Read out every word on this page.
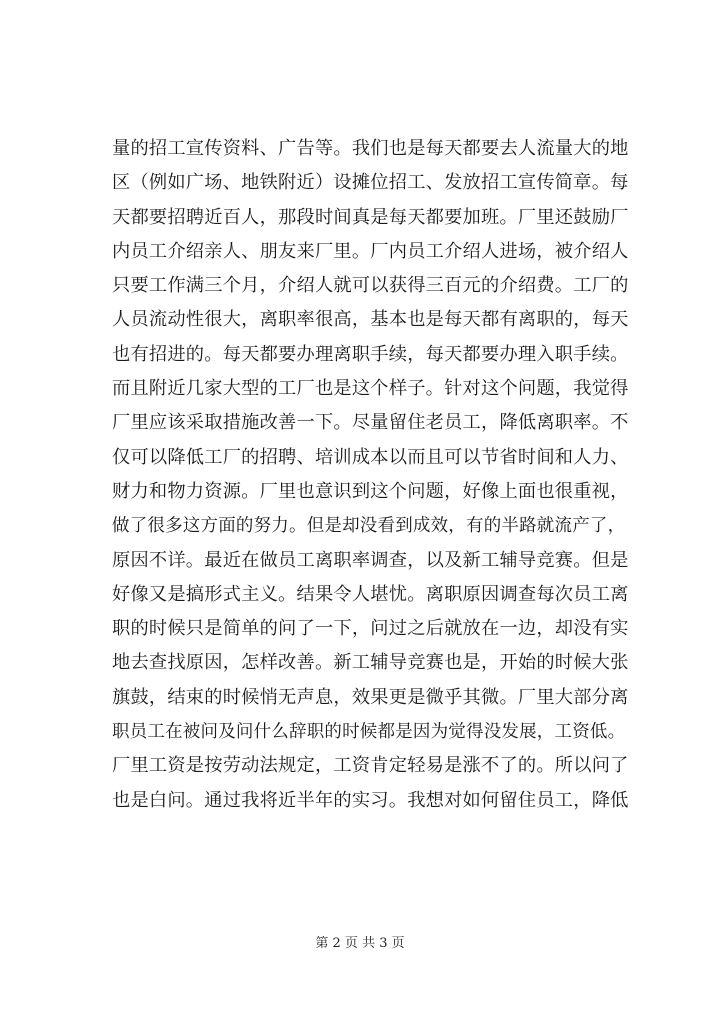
量的招工宣传资料、广告等。我们也是每天都要去人流量大的地
区（例如广场、地铁附近）设摊位招工、发放招工宣传简章。每
天都要招聘近百人，那段时间真是每天都要加班。厂里还鼓励厂
内员工介绍亲人、朋友来厂里。厂内员工介绍人进场，被介绍人
只要工作满三个月，介绍人就可以获得三百元的介绍费。工厂的
人员流动性很大，离职率很高，基本也是每天都有离职的，每天
也有招进的。每天都要办理离职手续，每天都要办理入职手续。
而且附近几家大型的工厂也是这个样子。针对这个问题，我觉得
厂里应该采取措施改善一下。尽量留住老员工，降低离职率。不
仅可以降低工厂的招聘、培训成本以而且可以节省时间和人力、
财力和物力资源。厂里也意识到这个问题，好像上面也很重视，
做了很多这方面的努力。但是却没看到成效，有的半路就流产了，
原因不详。最近在做员工离职率调查，以及新工辅导竞赛。但是
好像又是搞形式主义。结果令人堪忧。离职原因调查每次员工离
职的时候只是简单的问了一下，问过之后就放在一边，却没有实
地去查找原因，怎样改善。新工辅导竞赛也是，开始的时候大张
旗鼓，结束的时候悄无声息，效果更是微乎其微。厂里大部分离
职员工在被问及问什么辞职的时候都是因为觉得没发展，工资低。
厂里工资是按劳动法规定，工资肯定轻易是涨不了的。所以问了
也是白问。通过我将近半年的实习。我想对如何留住员工，降低
第 2 页 共 3 页
